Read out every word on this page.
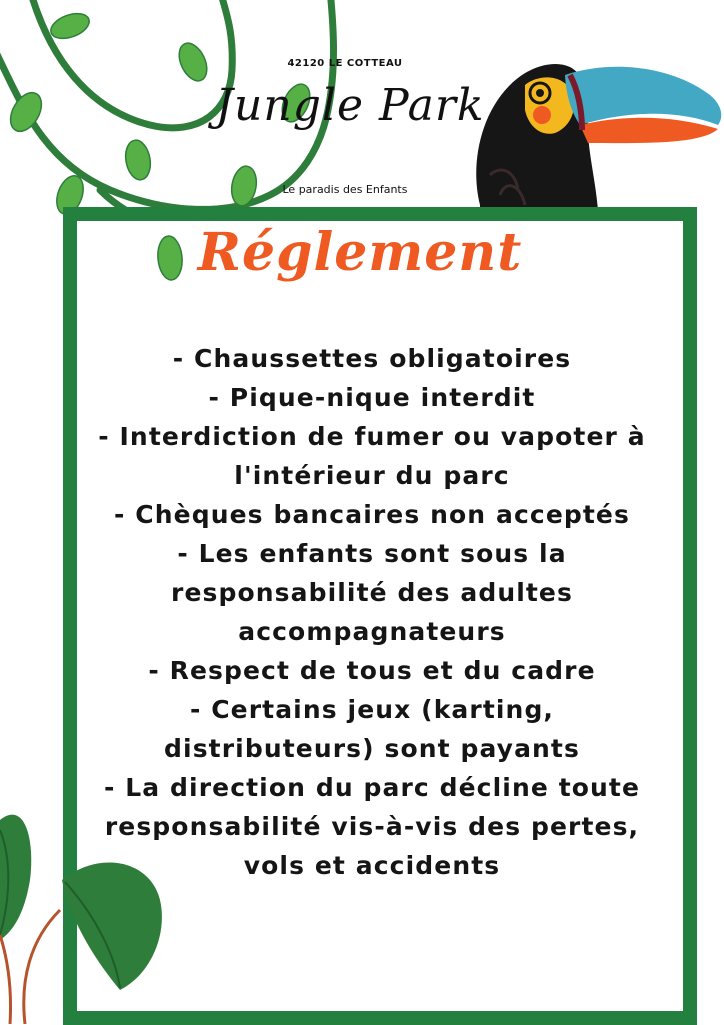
42120 LE COTTEAU
Jungle Park
Le paradis des Enfants
Réglement
- Chaussettes obligatoires
- Pique-nique interdit
- Interdiction de fumer ou vapoter à l'intérieur du parc
- Chèques bancaires non acceptés
- Les enfants sont sous la responsabilité des adultes accompagnateurs
- Respect de tous et du cadre
- Certains jeux (karting, distributeurs) sont payants
- La direction du parc décline toute responsabilité vis-à-vis des pertes, vols et accidents
